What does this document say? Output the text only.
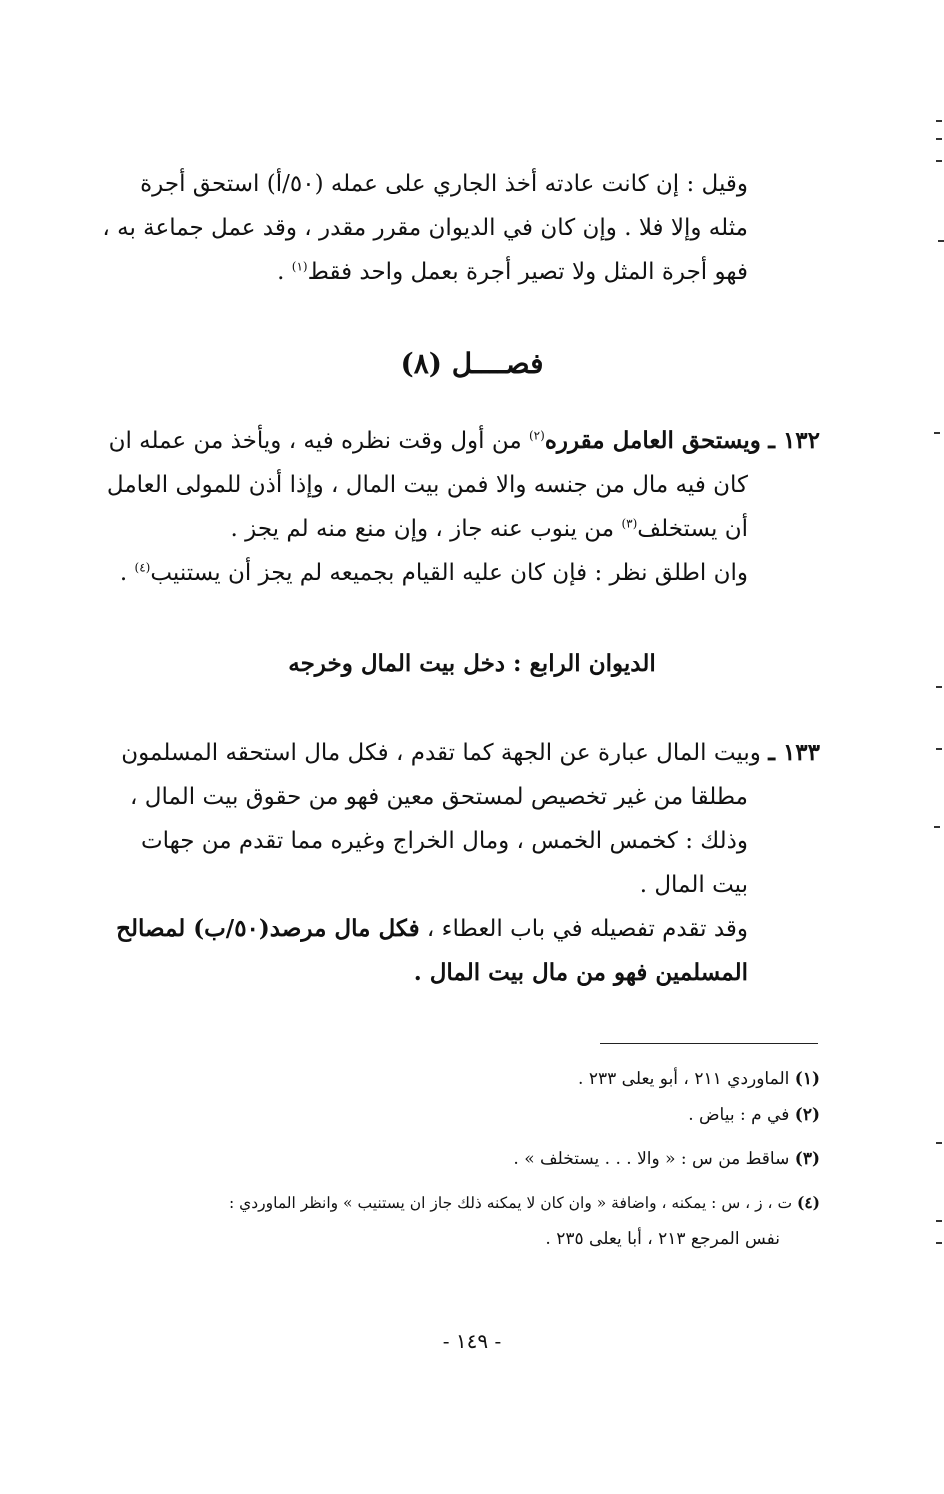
وقيل : إن كانت عادته أخذ الجاري على عمله (٥٠/أ) استحق أجرة
مثله وإلا فلا . وإن كان في الديوان مقرر مقدر ، وقد عمل جماعة به ،
فهو أجرة المثل ولا تصير أجرة بعمل واحد فقط$^{(١)}$ .
فصــــل (٨)
١٣٢ ـ ويستحق العامل مقرره$^{(٢)}$ من أول وقت نظره فيه ، ويأخذ من عمله ان
كان فيه مال من جنسه والا فمن بيت المال ، وإذا أذن للمولى العامل
أن يستخلف$^{(٣)}$ من ينوب عنه جاز ، وإن منع منه لم يجز .
وان اطلق نظر : فإن كان عليه القيام بجميعه لم يجز أن يستنيب$^{(٤)}$ .
الديوان الرابع : دخل بيت المال وخرجه
١٣٣ ـ وبيت المال عبارة عن الجهة كما تقدم ، فكل مال استحقه المسلمون
مطلقا من غير تخصيص لمستحق معين فهو من حقوق بيت المال ،
وذلك : كخمس الخمس ، ومال الخراج وغيره مما تقدم من جهات
بيت المال .
وقد تقدم تفصيله في باب العطاء ، فكل مال مرصد(٥٠/ب) لمصالح
المسلمين فهو من مال بيت المال .
(١) الماوردي ٢١١ ، أبو يعلى ٢٣٣ .
(٢) في م : بياض .
(٣) ساقط من س : « والا . . . يستخلف » .
(٤) ت ، ز ، س : يمكنه ، واضافة « وان كان لا يمكنه ذلك جاز ان يستنيب » وانظر الماوردي :
نفس المرجع ٢١٣ ، أبا يعلى ٢٣٥ .
- ١٤٩ -
